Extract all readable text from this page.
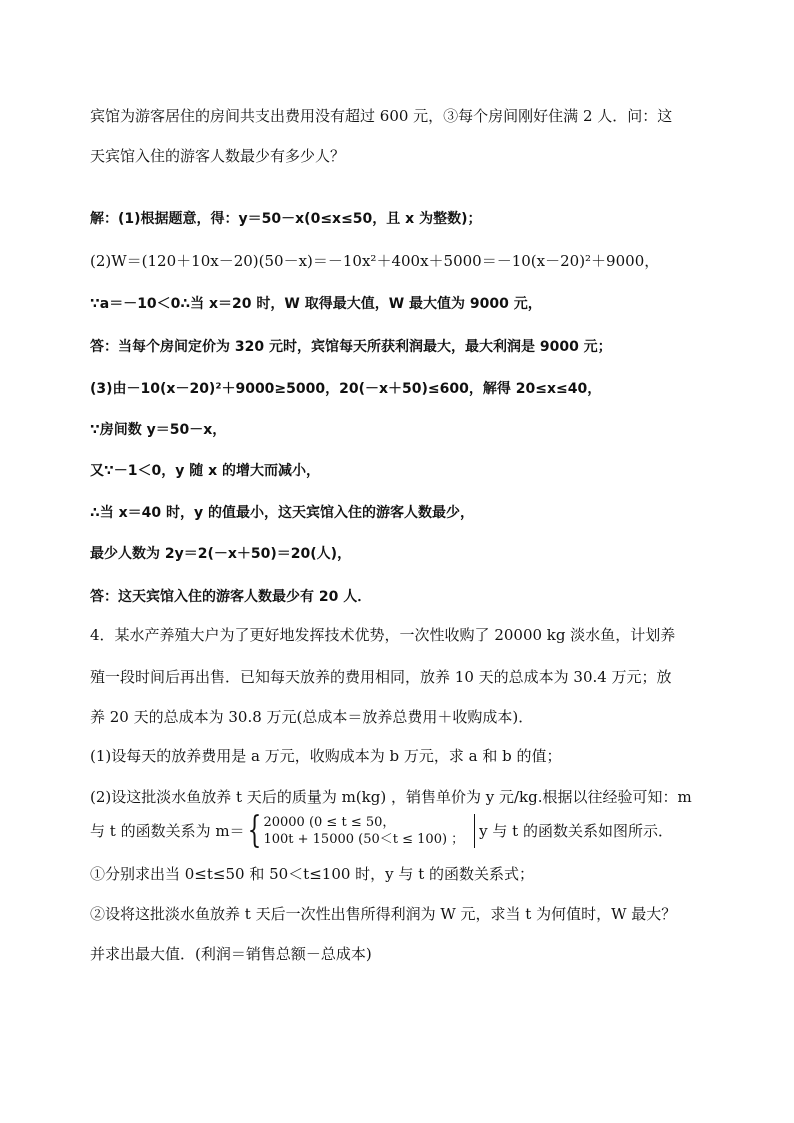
宾馆为游客居住的房间共支出费用没有超过 600 元，③每个房间刚好住满 2 人．问：这
天宾馆入住的游客人数最少有多少人？
解：(1)根据题意，得：y＝50－x(0≤x≤50，且 x 为整数)；
(2)W＝(120＋10x－20)(50－x)＝－10x²＋400x＋5000＝－10(x－20)²＋9000，
∵a＝－10＜0∴当 x＝20 时，W 取得最大值，W 最大值为 9000 元，
答：当每个房间定价为 320 元时，宾馆每天所获利润最大，最大利润是 9000 元；
(3)由－10(x－20)²＋9000≥5000，20(－x＋50)≤600，解得 20≤x≤40，
∵房间数 y＝50－x，
又∵－1＜0，y 随 x 的增大而减小，
∴当 x＝40 时，y 的值最小，这天宾馆入住的游客人数最少，
最少人数为 2y＝2(－x＋50)＝20(人)，
答：这天宾馆入住的游客人数最少有 20 人．
4．某水产养殖大户为了更好地发挥技术优势，一次性收购了 20000 kg 淡水鱼，计划养
殖一段时间后再出售．已知每天放养的费用相同，放养 10 天的总成本为 30.4 万元；放
养 20 天的总成本为 30.8 万元(总成本＝放养总费用＋收购成本)．
(1)设每天的放养费用是 a 万元，收购成本为 b 万元，求 a 和 b 的值；
(2)设这批淡水鱼放养 t 天后的质量为 m(kg) ，销售单价为 y 元/kg.根据以往经验可知：m
与 t 的函数关系为 m＝{ 20000 (0 ≤ t ≤ 50，
100t + 15000 (50＜t ≤ 100) ； y 与 t 的函数关系如图所示．
①分别求出当 0≤t≤50 和 50＜t≤100 时，y 与 t 的函数关系式；
②设将这批淡水鱼放养 t 天后一次性出售所得利润为 W 元，求当 t 为何值时，W 最大？
并求出最大值．(利润＝销售总额－总成本)
